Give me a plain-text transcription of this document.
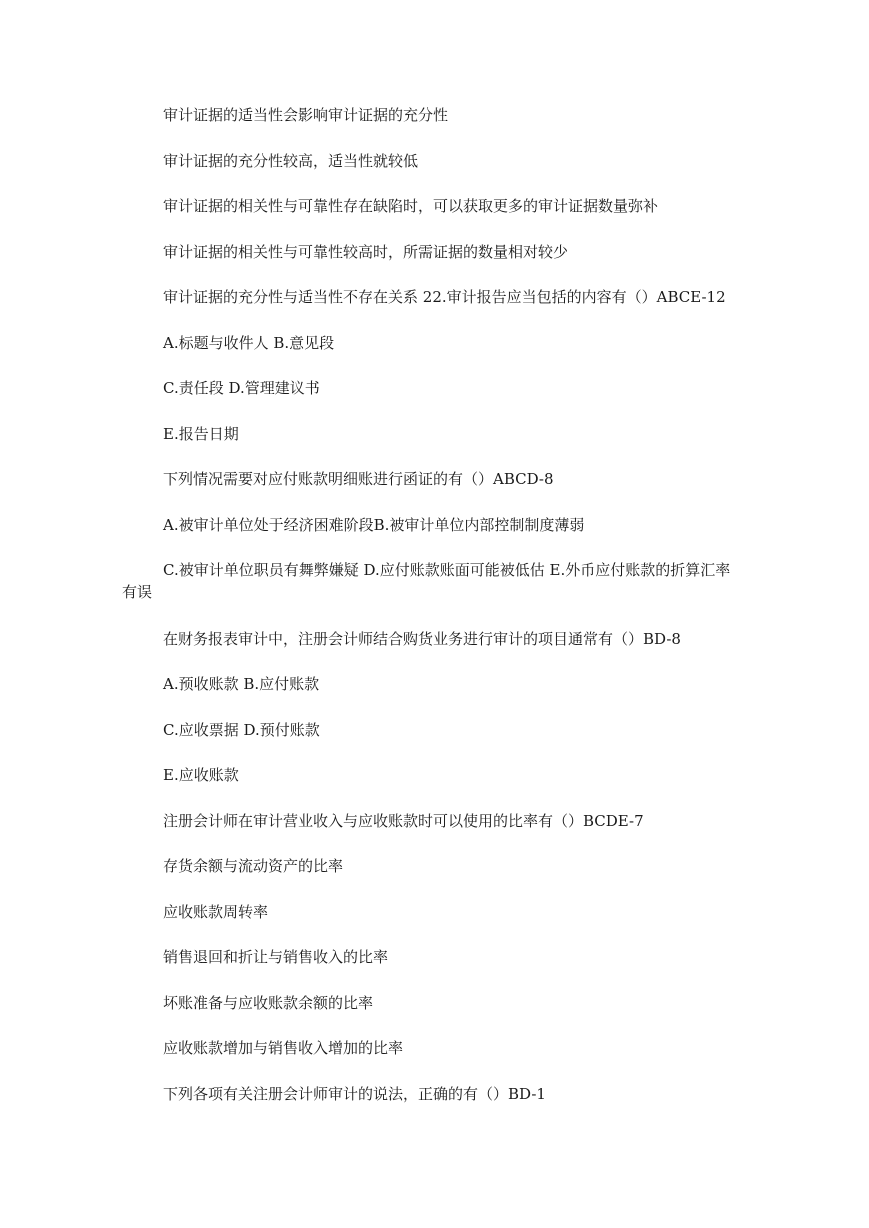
审计证据的适当性会影响审计证据的充分性

审计证据的充分性较高，适当性就较低

审计证据的相关性与可靠性存在缺陷时，可以获取更多的审计证据数量弥补

审计证据的相关性与可靠性较高时，所需证据的数量相对较少

审计证据的充分性与适当性不存在关系 22.审计报告应当包括的内容有（）ABCE-12

A.标题与收件人 B.意见段

C.责任段 D.管理建议书

E.报告日期

下列情况需要对应付账款明细账进行函证的有（）ABCD-8

A.被审计单位处于经济困难阶段B.被审计单位内部控制制度薄弱

C.被审计单位职员有舞弊嫌疑 D.应付账款账面可能被低估 E.外币应付账款的折算汇率有误

在财务报表审计中，注册会计师结合购货业务进行审计的项目通常有（）BD-8

A.预收账款 B.应付账款

C.应收票据 D.预付账款

E.应收账款

注册会计师在审计营业收入与应收账款时可以使用的比率有（）BCDE-7

存货余额与流动资产的比率

应收账款周转率

销售退回和折让与销售收入的比率

坏账准备与应收账款余额的比率

应收账款增加与销售收入增加的比率

下列各项有关注册会计师审计的说法，正确的有（）BD-1
